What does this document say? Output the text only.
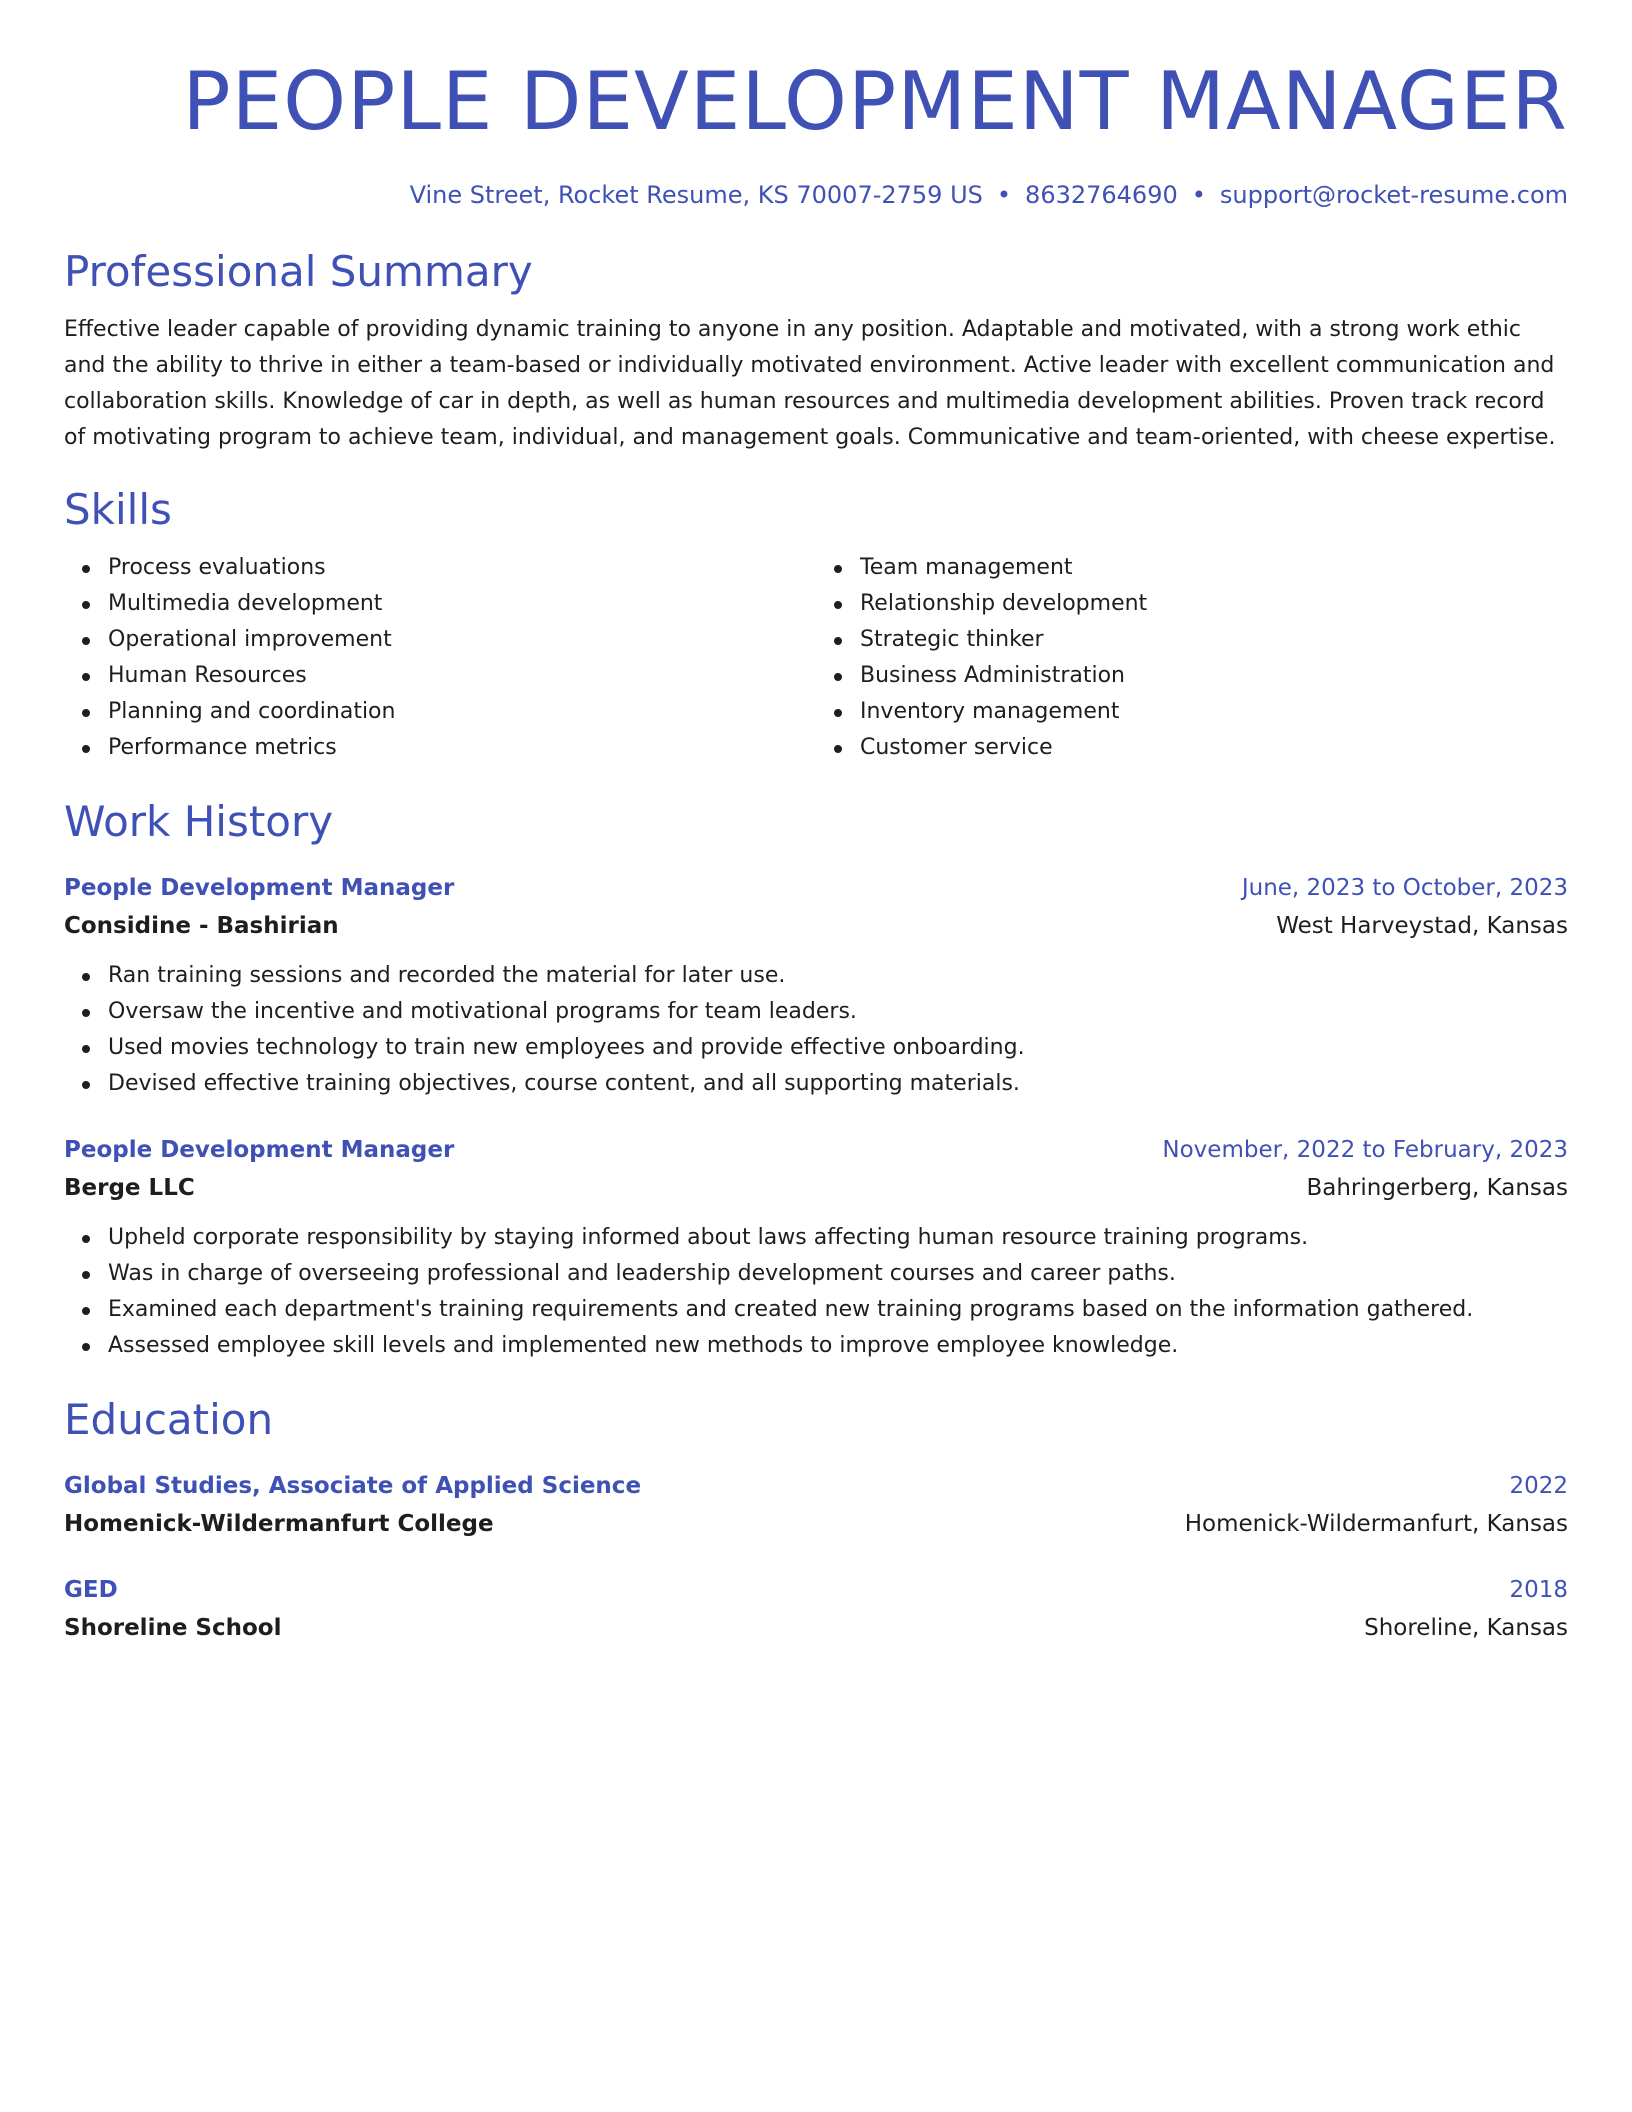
PEOPLE DEVELOPMENT MANAGER
Vine Street, Rocket Resume, KS 70007-2759 US • 8632764690 • support@rocket-resume.com
Professional Summary
Effective leader capable of providing dynamic training to anyone in any position. Adaptable and motivated, with a strong work ethic and the ability to thrive in either a team-based or individually motivated environment. Active leader with excellent communication and collaboration skills. Knowledge of car in depth, as well as human resources and multimedia development abilities. Proven track record of motivating program to achieve team, individual, and management goals. Communicative and team-oriented, with cheese expertise.
Skills
Process evaluations
Multimedia development
Operational improvement
Human Resources
Planning and coordination
Performance metrics
Team management
Relationship development
Strategic thinker
Business Administration
Inventory management
Customer service
Work History
People Development Manager	June, 2023 to October, 2023
Considine - Bashirian	West Harveystad, Kansas
Ran training sessions and recorded the material for later use.
Oversaw the incentive and motivational programs for team leaders.
Used movies technology to train new employees and provide effective onboarding.
Devised effective training objectives, course content, and all supporting materials.
People Development Manager	November, 2022 to February, 2023
Berge LLC	Bahringerberg, Kansas
Upheld corporate responsibility by staying informed about laws affecting human resource training programs.
Was in charge of overseeing professional and leadership development courses and career paths.
Examined each department's training requirements and created new training programs based on the information gathered.
Assessed employee skill levels and implemented new methods to improve employee knowledge.
Education
Global Studies, Associate of Applied Science	2022
Homenick-Wildermanfurt College	Homenick-Wildermanfurt, Kansas
GED	2018
Shoreline School	Shoreline, Kansas
